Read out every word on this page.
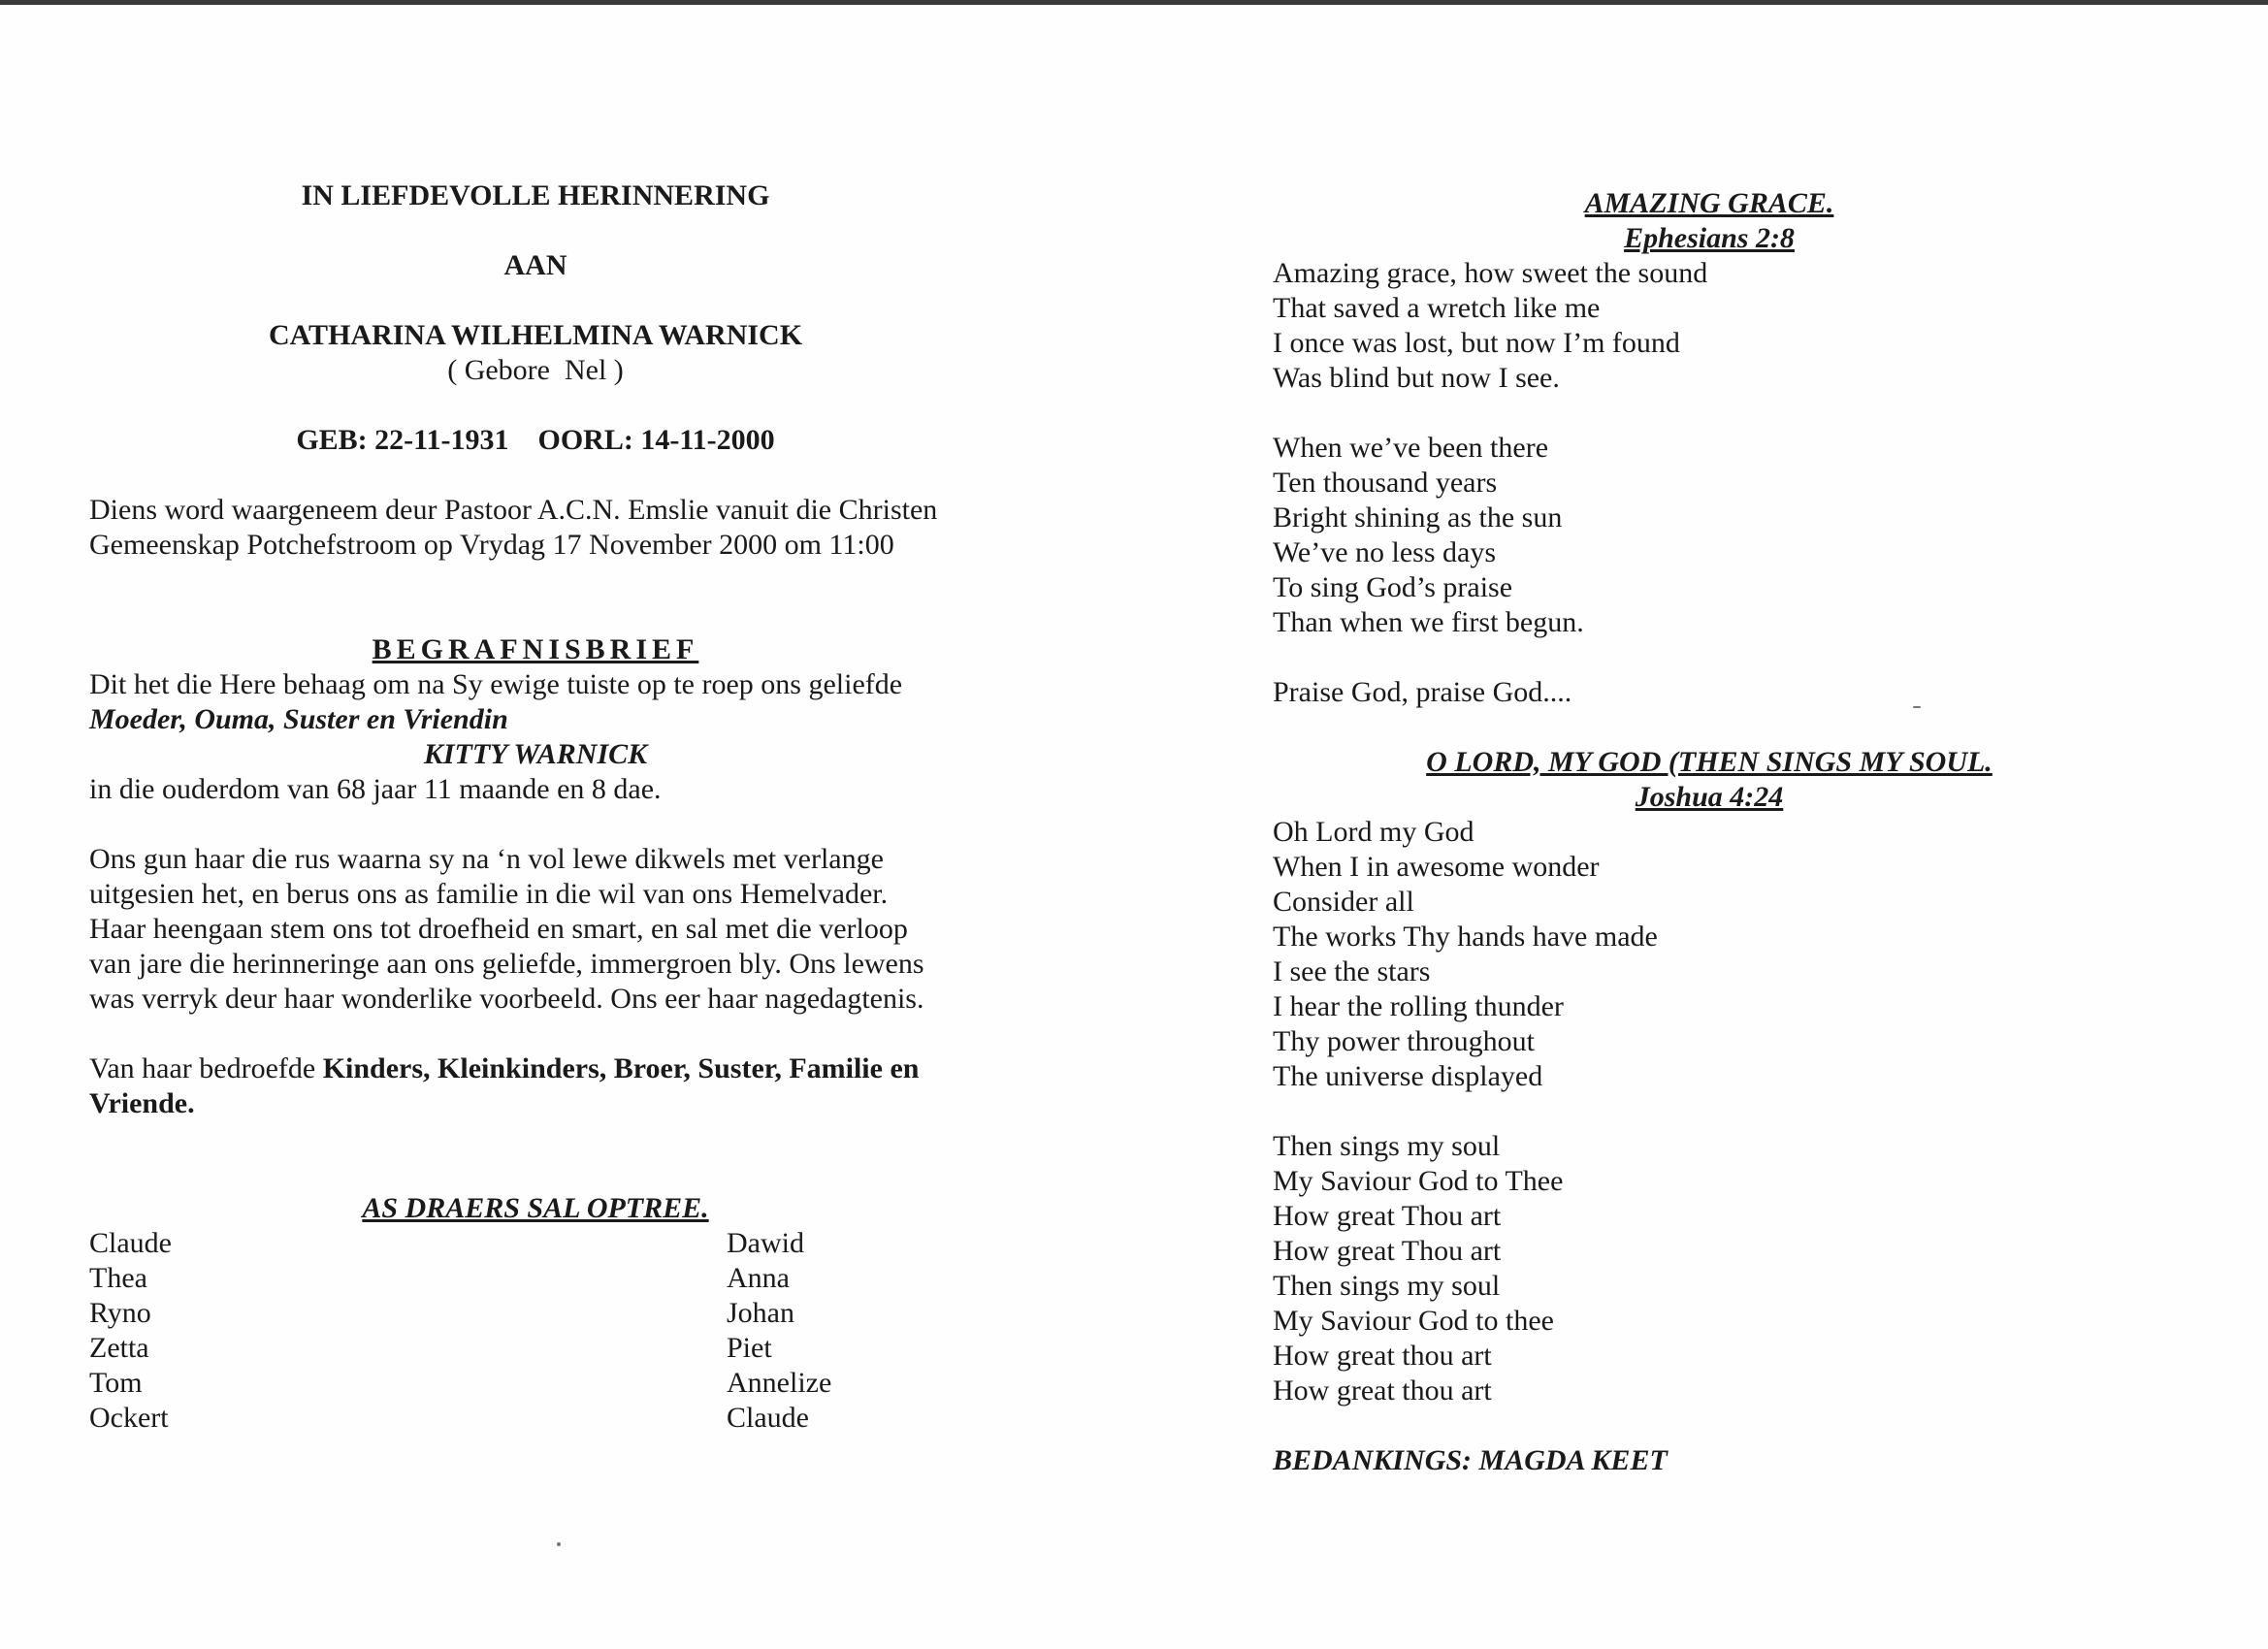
IN LIEFDEVOLLE HERINNERING
AAN
CATHARINA WILHELMINA WARNICK
( Gebore  Nel )
GEB: 22-11-1931    OORL: 14-11-2000
Diens word waargeneem deur Pastoor A.C.N. Emslie vanuit die Christen
Gemeenskap Potchefstroom op Vrydag 17 November 2000 om 11:00
BEGRAFNISBRIEF
Dit het die Here behaag om na Sy ewige tuiste op te roep ons geliefde
Moeder, Ouma, Suster en Vriendin
KITTY WARNICK
in die ouderdom van 68 jaar 11 maande en 8 dae.
Ons gun haar die rus waarna sy na ‘n vol lewe dikwels met verlange
uitgesien het, en berus ons as familie in die wil van ons Hemelvader.
Haar heengaan stem ons tot droefheid en smart, en sal met die verloop
van jare die herinneringe aan ons geliefde, immergroen bly. Ons lewens
was verryk deur haar wonderlike voorbeeld. Ons eer haar nagedagtenis.
Van haar bedroefde Kinders, Kleinkinders, Broer, Suster, Familie en
Vriende.
AS DRAERS SAL OPTREE.
Claude	Dawid
Thea	Anna
Ryno	Johan
Zetta	Piet
Tom	Annelize
Ockert	Claude
AMAZING GRACE.
Ephesians 2:8
Amazing grace, how sweet the sound
That saved a wretch like me
I once was lost, but now I’m found
Was blind but now I see.
When we’ve been there
Ten thousand years
Bright shining as the sun
We’ve no less days
To sing God’s praise
Than when we first begun.
Praise God, praise God....
O LORD, MY GOD (THEN SINGS MY SOUL.
Joshua 4:24
Oh Lord my God
When I in awesome wonder
Consider all
The works Thy hands have made
I see the stars
I hear the rolling thunder
Thy power throughout
The universe displayed
Then sings my soul
My Saviour God to Thee
How great Thou art
How great Thou art
Then sings my soul
My Saviour God to thee
How great thou art
How great thou art
BEDANKINGS: MAGDA KEET
